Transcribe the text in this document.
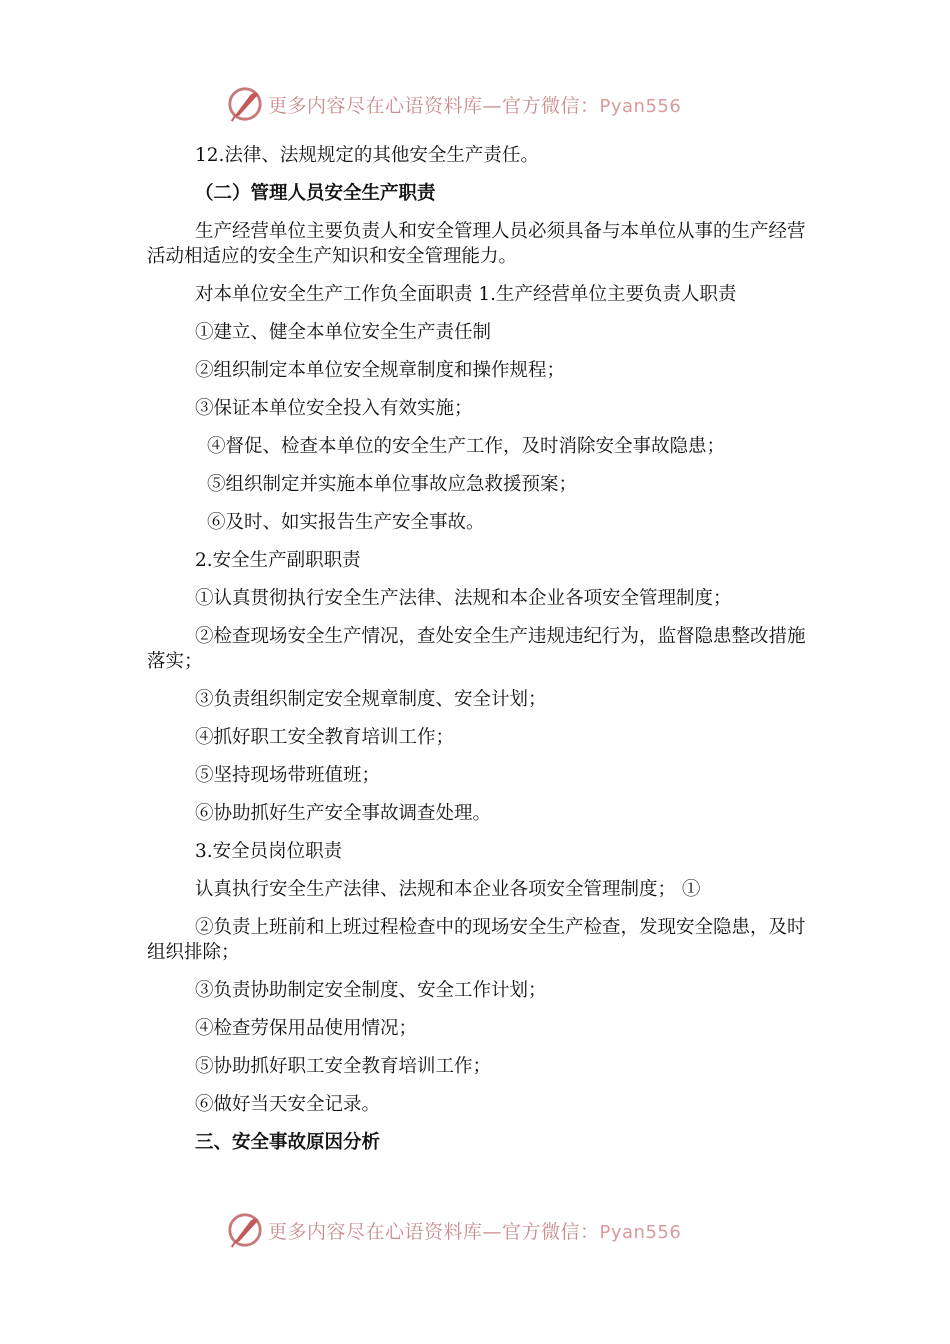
更多内容尽在心语资料库—官方微信：Pyan556

12.法律、法规规定的其他安全生产责任。

（二）管理人员安全生产职责

生产经营单位主要负责人和安全管理人员必须具备与本单位从事的生产经营活动相适应的安全生产知识和安全管理能力。

对本单位安全生产工作负全面职责 1.生产经营单位主要负责人职责

①建立、健全本单位安全生产责任制

②组织制定本单位安全规章制度和操作规程；

③保证本单位安全投入有效实施；

④督促、检查本单位的安全生产工作，及时消除安全事故隐患；

⑤组织制定并实施本单位事故应急救援预案；

⑥及时、如实报告生产安全事故。

2.安全生产副职职责

①认真贯彻执行安全生产法律、法规和本企业各项安全管理制度；

②检查现场安全生产情况，查处安全生产违规违纪行为，监督隐患整改措施落实；

③负责组织制定安全规章制度、安全计划；

④抓好职工安全教育培训工作；

⑤坚持现场带班值班；

⑥协助抓好生产安全事故调查处理。

3.安全员岗位职责

认真执行安全生产法律、法规和本企业各项安全管理制度； ①

②负责上班前和上班过程检查中的现场安全生产检查，发现安全隐患，及时组织排除；

③负责协助制定安全制度、安全工作计划；

④检查劳保用品使用情况；

⑤协助抓好职工安全教育培训工作；

⑥做好当天安全记录。

三、安全事故原因分析

更多内容尽在心语资料库—官方微信：Pyan556
